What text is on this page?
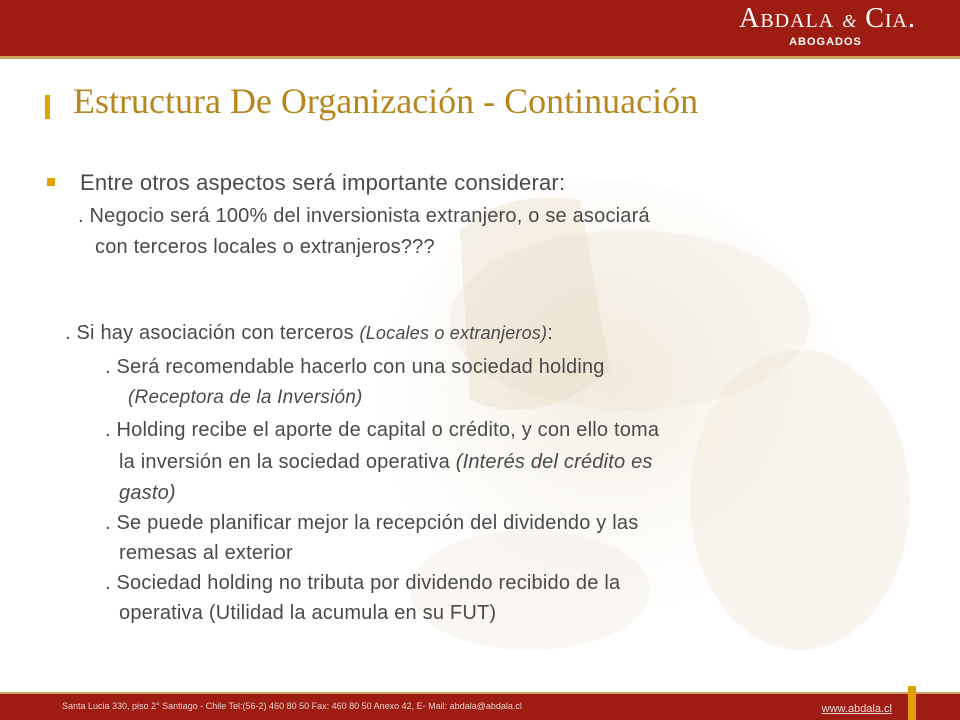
Abdala & Cia.
ABOGADOS
Estructura De Organización - Continuación
Entre otros aspectos será importante considerar:
. Negocio será 100% del inversionista extranjero, o se asociará
con terceros locales o extranjeros???
. Si hay asociación con terceros (Locales o extranjeros):
. Será recomendable hacerlo con una sociedad holding
(Receptora de la Inversión)
. Holding recibe el aporte de capital o crédito, y con ello toma
la inversión en la sociedad operativa (Interés del crédito es
gasto)
. Se puede planificar mejor la recepción del dividendo y las
remesas al exterior
. Sociedad holding no tributa por dividendo recibido de la
operativa (Utilidad la acumula en su FUT)
Santa Lucia 330, piso 2° Santiago - Chile Tel:(56-2) 460 80 50 Fax: 460 80 50 Anexo 42, E- Mail: abdala@abdala.cl	www.abdala.cl
